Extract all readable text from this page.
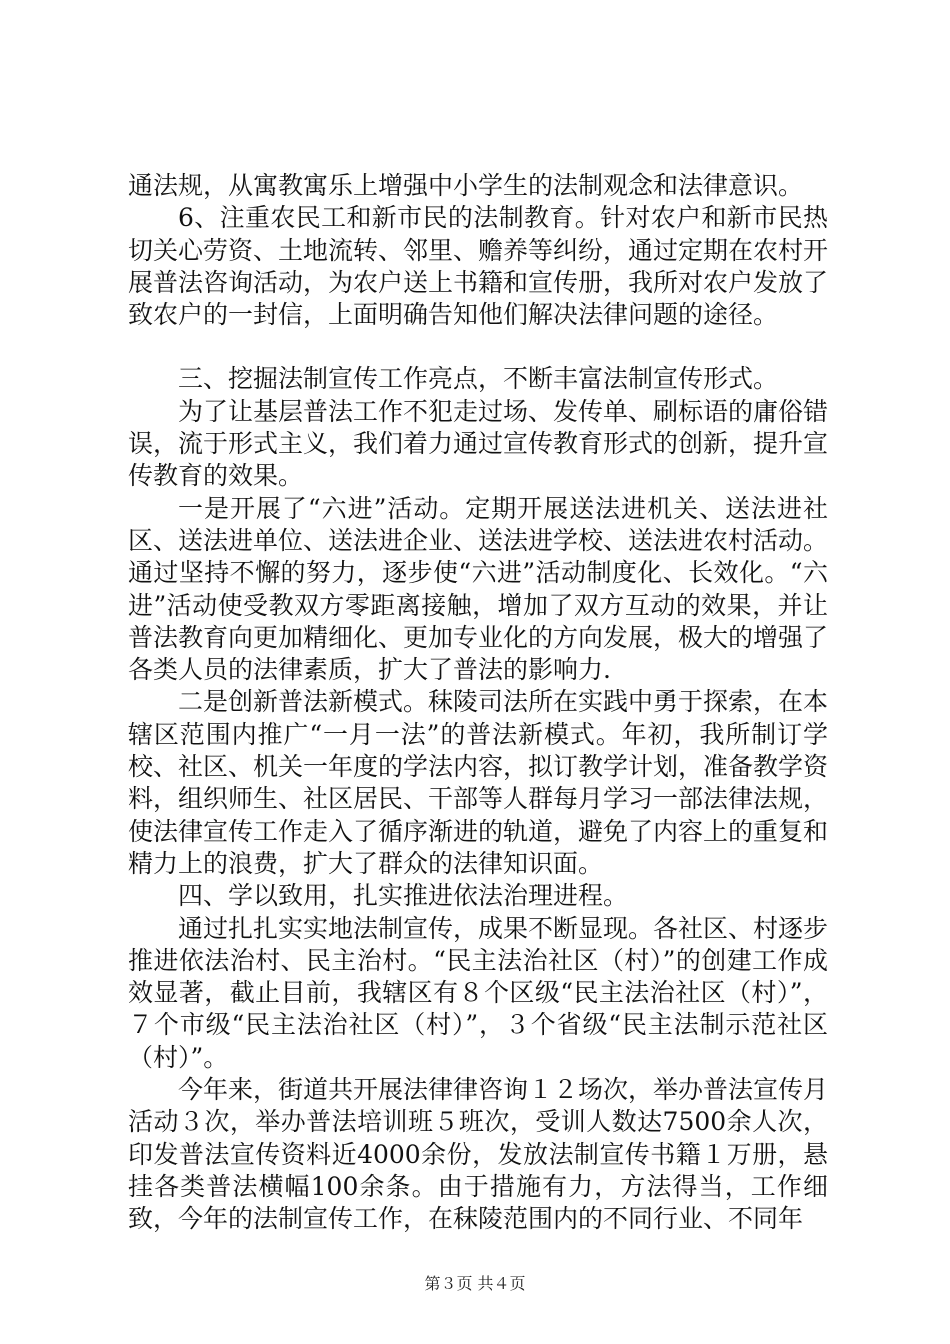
通法规，从寓教寓乐上增强中小学生的法制观念和法律意识。

6、注重农民工和新市民的法制教育。针对农户和新市民热切关心劳资、土地流转、邻里、赡养等纠纷，通过定期在农村开展普法咨询活动，为农户送上书籍和宣传册，我所对农户发放了致农户的一封信，上面明确告知他们解决法律问题的途径。

三、挖掘法制宣传工作亮点，不断丰富法制宣传形式。

为了让基层普法工作不犯走过场、发传单、刷标语的庸俗错误，流于形式主义，我们着力通过宣传教育形式的创新，提升宣传教育的效果。

一是开展了“六进”活动。定期开展送法进机关、送法进社区、送法进单位、送法进企业、送法进学校、送法进农村活动。通过坚持不懈的努力，逐步使“六进”活动制度化、长效化。“六进”活动使受教双方零距离接触，增加了双方互动的效果，并让普法教育向更加精细化、更加专业化的方向发展，极大的增强了各类人员的法律素质，扩大了普法的影响力.

二是创新普法新模式。秣陵司法所在实践中勇于探索，在本辖区范围内推广“一月一法”的普法新模式。年初，我所制订学校、社区、机关一年度的学法内容，拟订教学计划，准备教学资料，组织师生、社区居民、干部等人群每月学习一部法律法规，使法律宣传工作走入了循序渐进的轨道，避免了内容上的重复和精力上的浪费，扩大了群众的法律知识面。

四、学以致用，扎实推进依法治理进程。

通过扎扎实实地法制宣传，成果不断显现。各社区、村逐步推进依法治村、民主治村。“民主法治社区（村）”的创建工作成效显著，截止目前，我辖区有８个区级“民主法治社区（村）”，７个市级“民主法治社区（村）”，３个省级“民主法制示范社区（村）”。

今年来，街道共开展法律律咨询１２场次，举办普法宣传月活动３次，举办普法培训班５班次，受训人数达7500余人次，印发普法宣传资料近4000余份，发放法制宣传书籍１万册，悬挂各类普法横幅100余条。由于措施有力，方法得当，工作细致，今年的法制宣传工作，在秣陵范围内的不同行业、不同年

第３页 共４页
